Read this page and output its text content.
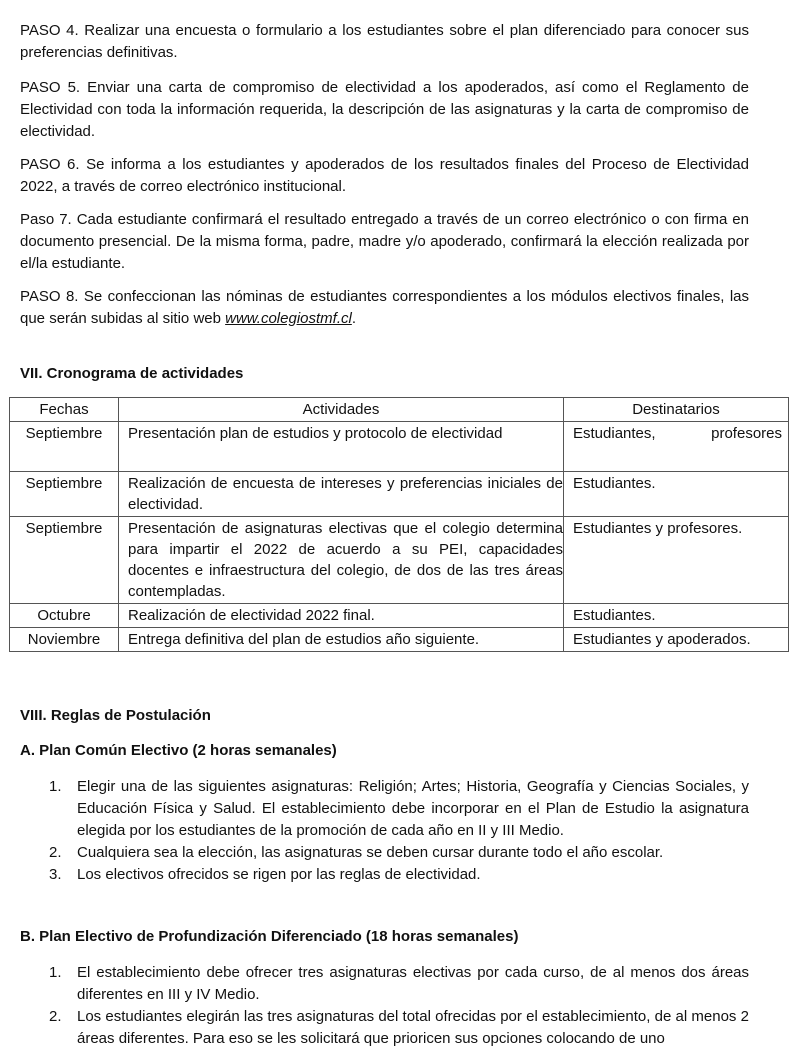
PASO 4. Realizar una encuesta o formulario a los estudiantes sobre el plan diferenciado para conocer sus preferencias definitivas.

PASO 5. Enviar una carta de compromiso de electividad a los apoderados, así como el Reglamento de Electividad con toda la información requerida, la descripción de las asignaturas y la carta de compromiso de electividad.

PASO 6. Se informa a los estudiantes y apoderados de los resultados finales del Proceso de Electividad 2022, a través de correo electrónico institucional.

Paso 7. Cada estudiante confirmará el resultado entregado a través de un correo electrónico o con firma en documento presencial. De la misma forma, padre, madre y/o apoderado, confirmará la elección realizada por el/la estudiante.

PASO 8. Se confeccionan las nóminas de estudiantes correspondientes a los módulos electivos finales, las que serán subidas al sitio web www.colegiostmf.cl.

VII. Cronograma de actividades

Fechas	Actividades	Destinatarios
Septiembre	Presentación plan de estudios y protocolo de electividad	Estudiantes, profesores

Septiembre	Realización de encuesta de intereses y preferencias iniciales de electividad.	Estudiantes.
Septiembre	Presentación de asignaturas electivas que el colegio determina para impartir el 2022 de acuerdo a su PEI, capacidades docentes e infraestructura del colegio, de dos de las tres áreas contempladas.	Estudiantes y profesores.
Octubre	Realización de electividad 2022 final.	Estudiantes.
Noviembre	Entrega definitiva del plan de estudios año siguiente.	Estudiantes y apoderados.

VIII. Reglas de Postulación

A. Plan Común Electivo (2 horas semanales)

1. Elegir una de las siguientes asignaturas: Religión; Artes; Historia, Geografía y Ciencias Sociales, y Educación Física y Salud. El establecimiento debe incorporar en el Plan de Estudio la asignatura elegida por los estudiantes de la promoción de cada año en II y III Medio.
2. Cualquiera sea la elección, las asignaturas se deben cursar durante todo el año escolar.
3. Los electivos ofrecidos se rigen por las reglas de electividad.

B. Plan Electivo de Profundización Diferenciado (18 horas semanales)

1. El establecimiento debe ofrecer tres asignaturas electivas por cada curso, de al menos dos áreas diferentes en III y IV Medio.
2. Los estudiantes elegirán las tres asignaturas del total ofrecidas por el establecimiento, de al menos 2 áreas diferentes. Para eso se les solicitará que prioricen sus opciones colocando de uno
